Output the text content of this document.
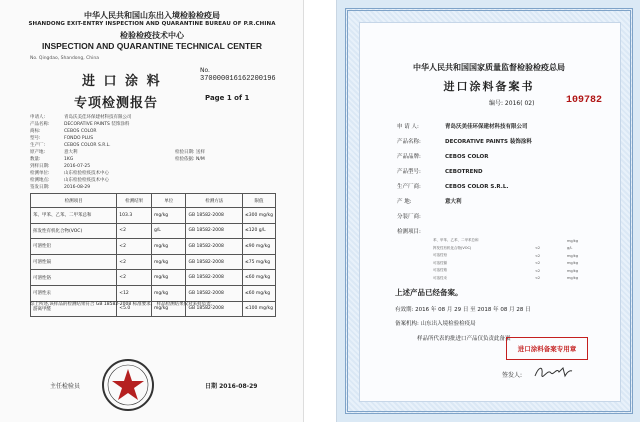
中华人民共和国山东出入境检验检疫局
SHANDONG EXIT-ENTRY INSPECTION AND QUARANTINE BUREAU OF P.R.CHINA
检验检疫技术中心
INSPECTION AND QUARANTINE TECHNICAL CENTER
No. Qingdao, Shandong, China
进 口 涂 料
No.
370000016162200196
专项检测报告	Page 1 of 1
申请人:	青岛沃美佳环保建材科技有限公司
产品名称:	DECORATIVE PAINTS 装饰涂料
商标:	CEBOS COLOR
型号:	FONDO PLUS
生产厂:	CEBOS COLOR S.R.L.
原产地:	意大利
数量:	1KG
到样日期:	2016-07-25
检测单位:	山东检验检疫技术中心
检测地点:	山东检验检疫技术中心
签发日期:	2016-08-29
检验日期: 送样
检验依据: N/M
检测项目	检测结果	单位	检测方法	限值
苯、甲苯、乙苯、二甲苯总和	103.3	mg/kg	GB 18582-2008	≤300 mg/kg
挥发性有机化合物(VOC)	<2	g/L	GB 18582-2008	≤120 g/L
可溶性铅	<2	mg/kg	GB 18582-2008	≤90 mg/kg
可溶性镉	<2	mg/kg	GB 18582-2008	≤75 mg/kg
可溶性铬	<2	mg/kg	GB 18582-2008	≤60 mg/kg
可溶性汞	<12	mg/kg	GB 18582-2008	≤60 mg/kg
游离甲醛	<5.0	mg/kg	GB 18582-2008	≤100 mg/kg
综上所述,该样品的检测结果符合 GB 18582-2008 标准要求。 样品检测结果仅对来样负责。
主任检验员	日期 2016-08-29
中华人民共和国国家质量监督检验检疫总局
进口涂料备案书
编号: 2016( 02)	109782
申 请 人:	青岛沃美佳环保建材科技有限公司
产品名称:	DECORATIVE PAINTS 装饰涂料
产品品牌:	CEBOS COLOR
产品型号:	CEBOTREND
生产厂商:	CEBOS COLOR S.R.L.
产 地:	意大利
分装厂商:
检测项目:
苯、甲苯、乙苯、二甲苯总和		mg/kg
挥发性有机化合物(VOC)	<2	g/L
可溶性铅	<2	mg/kg
可溶性镉	<2	mg/kg
可溶性铬	<2	mg/kg
可溶性汞	<2	mg/kg
上述产品已经备案。
有效期: 2016 年 08 月 29 日 至 2018 年 08 月 28 日
备案机构: 山东出入境检验检疫局
样品所代表的批进口产品仅负责此备案
进口涂料备案专用章
签发人:
